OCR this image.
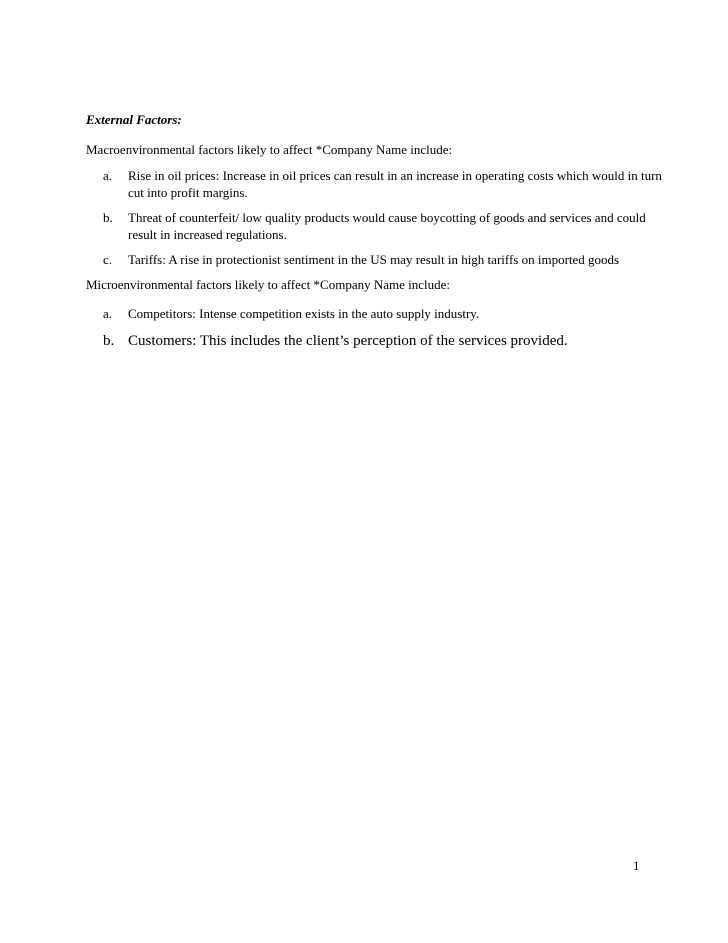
External Factors:
Macroenvironmental factors likely to affect *Company Name include:
a. Rise in oil prices: Increase in oil prices can result in an increase in operating costs which would in turn cut into profit margins.
b. Threat of counterfeit/ low quality products would cause boycotting of goods and services and could result in increased regulations.
c. Tariffs: A rise in protectionist sentiment in the US may result in high tariffs on imported goods
Microenvironmental factors likely to affect *Company Name include:
a. Competitors: Intense competition exists in the auto supply industry.
b. Customers: This includes the client’s perception of the services provided.
1
